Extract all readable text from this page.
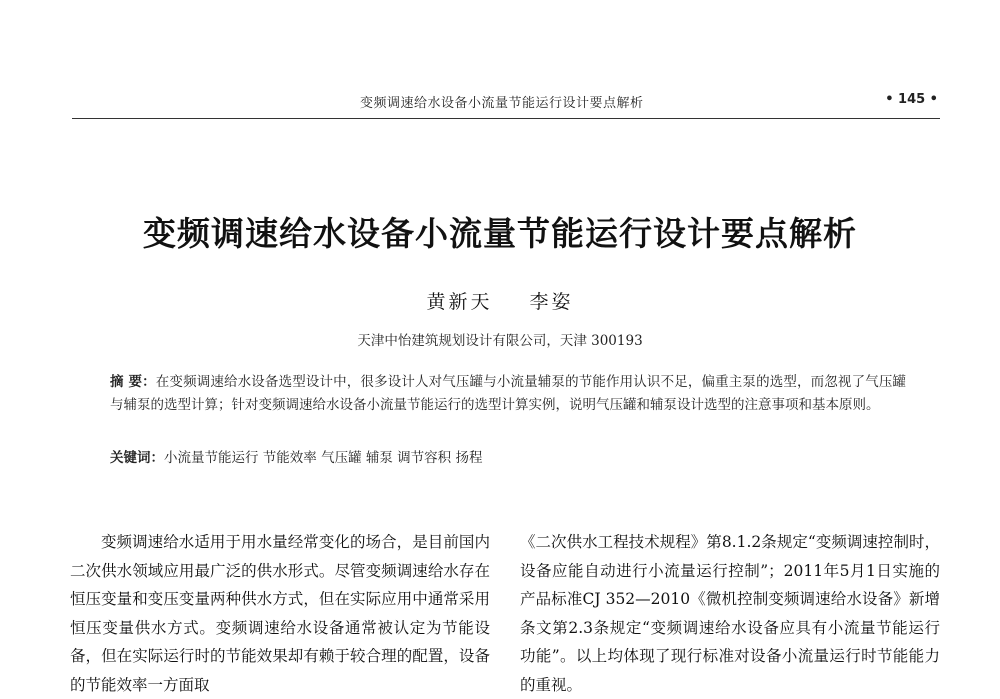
变频调速给水设备小流量节能运行设计要点解析	• 145 •
变频调速给水设备小流量节能运行设计要点解析
黄新天 李姿
天津中怡建筑规划设计有限公司，天津 300193
摘 要：在变频调速给水设备选型设计中，很多设计人对气压罐与小流量辅泵的节能作用认识不足，偏重主泵的选型，而忽视了气压罐与辅泵的选型计算；针对变频调速给水设备小流量节能运行的选型计算实例，说明气压罐和辅泵设计选型的注意事项和基本原则。
关键词：小流量节能运行 节能效率 气压罐 辅泵 调节容积 扬程
变频调速给水适用于用水量经常变化的场合，是目前国内二次供水领域应用最广泛的供水形式。尽管变频调速给水存在恒压变量和变压变量两种供水方式，但在实际应用中通常采用恒压变量供水方式。变频调速给水设备通常被认定为节能设备，但在实际运行时的节能效果却有赖于较合理的配置，设备的节能效率一方面取
《二次供水工程技术规程》第8.1.2条规定“变频调速控制时，设备应能自动进行小流量运行控制”；2011年5月1日实施的产品标准CJ 352—2010《微机控制变频调速给水设备》新增条文第2.3条规定“变频调速给水设备应具有小流量节能运行功能”。以上均体现了现行标准对设备小流量运行时节能能力的重视。
